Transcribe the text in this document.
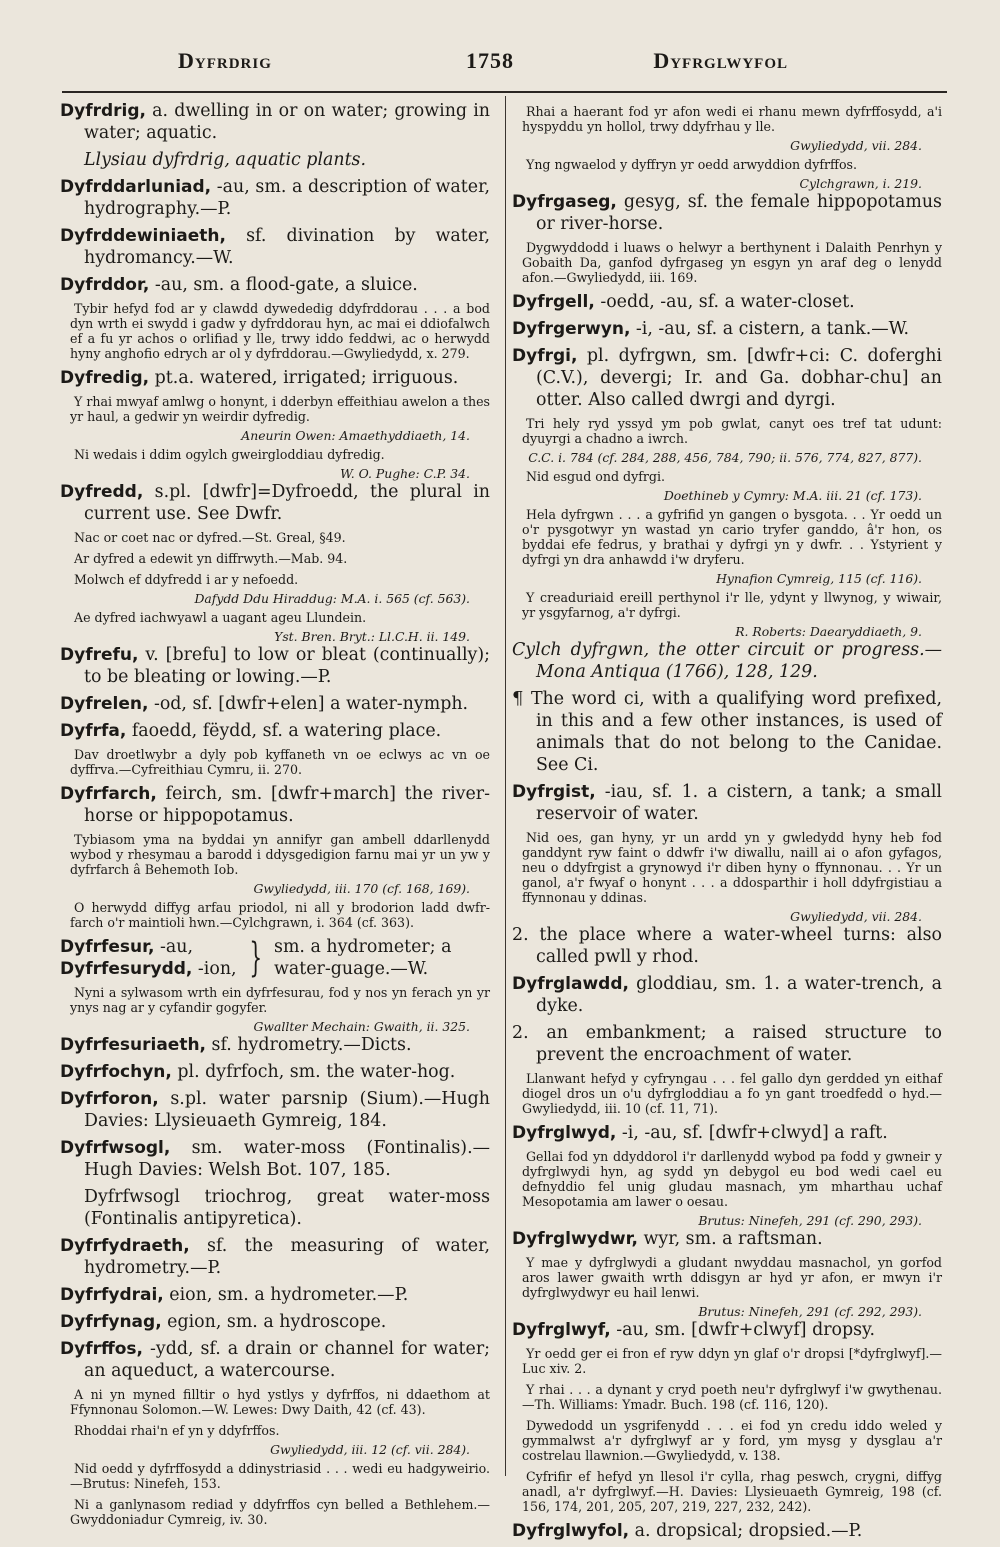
Dyfrdrig	1758	Dyfrglwyfol
Dyfrdrig, a. dwelling in or on water; growing in water; aquatic.
Llysiau dyfrdrig, aquatic plants.
Dyfrddarluniad, -au, sm. a description of water, hydrography.—P.
Dyfrddewiniaeth, sf. divination by water, hydromancy.—W.
Dyfrddor, -au, sm. a flood-gate, a sluice.
Tybir hefyd fod ar y clawdd dywededig ddyfrddorau . . . a bod dyn wrth ei swydd i gadw y dyfrddorau hyn, ac mai ei ddiofalwch ef a fu yr achos o orlifiad y lle, trwy iddo feddwi, ac o herwydd hyny anghofio edrych ar ol y dyfrddorau.—Gwyliedydd, x. 279.
Dyfredig, pt.a. watered, irrigated; irriguous.
Y rhai mwyaf amlwg o honynt, i dderbyn effeithiau awelon a thes yr haul, a gedwir yn weirdir dyfredig.
Aneurin Owen: Amaethyddiaeth, 14.
Ni wedais i ddim ogylch gweirgloddiau dyfredig.
W. O. Pughe: C.P. 34.
Dyfredd, s.pl. [dwfr]=Dyfroedd, the plural in current use. See Dwfr.
Nac or coet nac or dyfred.—St. Greal, §49.
Ar dyfred a edewit yn diffrwyth.—Mab. 94.
Molwch ef ddyfredd i ar y nefoedd.
Dafydd Ddu Hiraddug: M.A. i. 565 (cf. 563).
Ae dyfred iachwyawl a uagant ageu Llundein.
Yst. Bren. Bryt.: Ll.C.H. ii. 149.
Dyfrefu, v. [brefu] to low or bleat (continually); to be bleating or lowing.—P.
Dyfrelen, -od, sf. [dwfr+elen] a water-nymph.
Dyfrfa, faoedd, fëydd, sf. a watering place.
Dav droetlwybr a dyly pob kyffaneth vn oe eclwys ac vn oe dyffrva.—Cyfreithiau Cymru, ii. 270.
Dyfrfarch, feirch, sm. [dwfr+march] the river-horse or hippopotamus.
Tybiasom yma na byddai yn annifyr gan ambell ddarllenydd wybod y rhesymau a barodd i ddysgedigion farnu mai yr un yw y dyfrfarch â Behemoth Iob.
Gwyliedydd, iii. 170 (cf. 168, 169).
O herwydd diffyg arfau priodol, ni all y brodorion ladd dwfr-farch o'r maintioli hwn.—Cylchgrawn, i. 364 (cf. 363).
Dyfrfesur, -au,
Dyfrfesurydd, -ion, } sm. a hydrometer; a
water-guage.—W.
Nyni a sylwasom wrth ein dyfrfesurau, fod y nos yn ferach yn yr ynys nag ar y cyfandir gogyfer.
Gwallter Mechain: Gwaith, ii. 325.
Dyfrfesuriaeth, sf. hydrometry.—Dicts.
Dyfrfochyn, pl. dyfrfoch, sm. the water-hog.
Dyfrforon, s.pl. water parsnip (Sium).—Hugh Davies: Llysieuaeth Gymreig, 184.
Dyfrfwsogl, sm. water-moss (Fontinalis).—Hugh Davies: Welsh Bot. 107, 185.
Dyfrfwsogl triochrog, great water-moss (Fontinalis antipyretica).
Dyfrfydraeth, sf. the measuring of water, hydrometry.—P.
Dyfrfydrai, eion, sm. a hydrometer.—P.
Dyfrfynag, egion, sm. a hydroscope.
Dyfrffos, -ydd, sf. a drain or channel for water; an aqueduct, a watercourse.
A ni yn myned filltir o hyd ystlys y dyfrffos, ni ddaethom at Ffynnonau Solomon.—W. Lewes: Dwy Daith, 42 (cf. 43).
Rhoddai rhai'n ef yn y ddyfrffos.
Gwyliedydd, iii. 12 (cf. vii. 284).
Nid oedd y dyfrffosydd a ddinystriasid . . . wedi eu hadgyweirio.—Brutus: Ninefeh, 153.
Ni a ganlynasom rediad y ddyfrffos cyn belled a Bethlehem.—Gwyddoniadur Cymreig, iv. 30.
Rhai a haerant fod yr afon wedi ei rhanu mewn dyfrffosydd, a'i hyspyddu yn hollol, trwy ddyfrhau y lle.
Gwyliedydd, vii. 284.
Yng ngwaelod y dyffryn yr oedd arwyddion dyfrffos.
Cylchgrawn, i. 219.
Dyfrgaseg, gesyg, sf. the female hippopotamus or river-horse.
Dygwyddodd i luaws o helwyr a berthynent i Dalaith Penrhyn y Gobaith Da, ganfod dyfrgaseg yn esgyn yn araf deg o lenydd afon.—Gwyliedydd, iii. 169.
Dyfrgell, -oedd, -au, sf. a water-closet.
Dyfrgerwyn, -i, -au, sf. a cistern, a tank.—W.
Dyfrgi, pl. dyfrgwn, sm. [dwfr+ci: C. doferghi (C.V.), devergi; Ir. and Ga. dobhar-chu] an otter. Also called dwrgi and dyrgi.
Tri hely ryd yssyd ym pob gwlat, canyt oes tref tat udunt: dyuyrgi a chadno a iwrch.
C.C. i. 784 (cf. 284, 288, 456, 784, 790; ii. 576, 774, 827, 877).
Nid esgud ond dyfrgi.
Doethineb y Cymry: M.A. iii. 21 (cf. 173).
Hela dyfrgwn . . . a gyfrifid yn gangen o bysgota. . . Yr oedd un o'r pysgotwyr yn wastad yn cario tryfer ganddo, â'r hon, os byddai efe fedrus, y brathai y dyfrgi yn y dwfr. . . Ystyrient y dyfrgi yn dra anhawdd i'w dryferu.
Hynafion Cymreig, 115 (cf. 116).
Y creaduriaid ereill perthynol i'r lle, ydynt y llwynog, y wiwair, yr ysgyfarnog, a'r dyfrgi.
R. Roberts: Daearyddiaeth, 9.
Cylch dyfrgwn, the otter circuit or progress.—Mona Antiqua (1766), 128, 129.
¶ The word ci, with a qualifying word prefixed, in this and a few other instances, is used of animals that do not belong to the Canidae. See Ci.
Dyfrgist, -iau, sf. 1. a cistern, a tank; a small reservoir of water.
Nid oes, gan hyny, yr un ardd yn y gwledydd hyny heb fod ganddynt ryw faint o ddwfr i'w diwallu, naill ai o afon gyfagos, neu o ddyfrgist a grynowyd i'r diben hyny o ffynnonau. . . Yr un ganol, a'r fwyaf o honynt . . . a ddosparthir i holl ddyfrgistiau a ffynnonau y ddinas.
Gwyliedydd, vii. 284.
2. the place where a water-wheel turns: also called pwll y rhod.
Dyfrglawdd, gloddiau, sm. 1. a water-trench, a dyke.
2. an embankment; a raised structure to prevent the encroachment of water.
Llanwant hefyd y cyfryngau . . . fel gallo dyn gerdded yn eithaf diogel dros un o'u dyfrgloddiau a fo yn gant troedfedd o hyd.—Gwyliedydd, iii. 10 (cf. 11, 71).
Dyfrglwyd, -i, -au, sf. [dwfr+clwyd] a raft.
Gellai fod yn ddyddorol i'r darllenydd wybod pa fodd y gwneir y dyfrglwydi hyn, ag sydd yn debygol eu bod wedi cael eu defnyddio fel unig gludau masnach, ym mharthau uchaf Mesopotamia am lawer o oesau.
Brutus: Ninefeh, 291 (cf. 290, 293).
Dyfrglwydwr, wyr, sm. a raftsman.
Y mae y dyfrglwydi a gludant nwyddau masnachol, yn gorfod aros lawer gwaith wrth ddisgyn ar hyd yr afon, er mwyn i'r dyfrglwydwyr eu hail lenwi.
Brutus: Ninefeh, 291 (cf. 292, 293).
Dyfrglwyf, -au, sm. [dwfr+clwyf] dropsy.
Yr oedd ger ei fron ef ryw ddyn yn glaf o'r dropsi [*dyfrglwyf].—Luc xiv. 2.
Y rhai . . . a dynant y cryd poeth neu'r dyfrglwyf i'w gwythenau.—Th. Williams: Ymadr. Buch. 198 (cf. 116, 120).
Dywedodd un ysgrifenydd . . . ei fod yn credu iddo weled y gymmalwst a'r dyfrglwyf ar y ford, ym mysg y dysglau a'r costrelau llawnion.—Gwyliedydd, v. 138.
Cyfrifir ef hefyd yn llesol i'r cylla, rhag peswch, crygni, diffyg anadl, a'r dyfrglwyf.—H. Davies: Llysieuaeth Gymreig, 198 (cf. 156, 174, 201, 205, 207, 219, 227, 232, 242).
Dyfrglwyfol, a. dropsical; dropsied.—P.
